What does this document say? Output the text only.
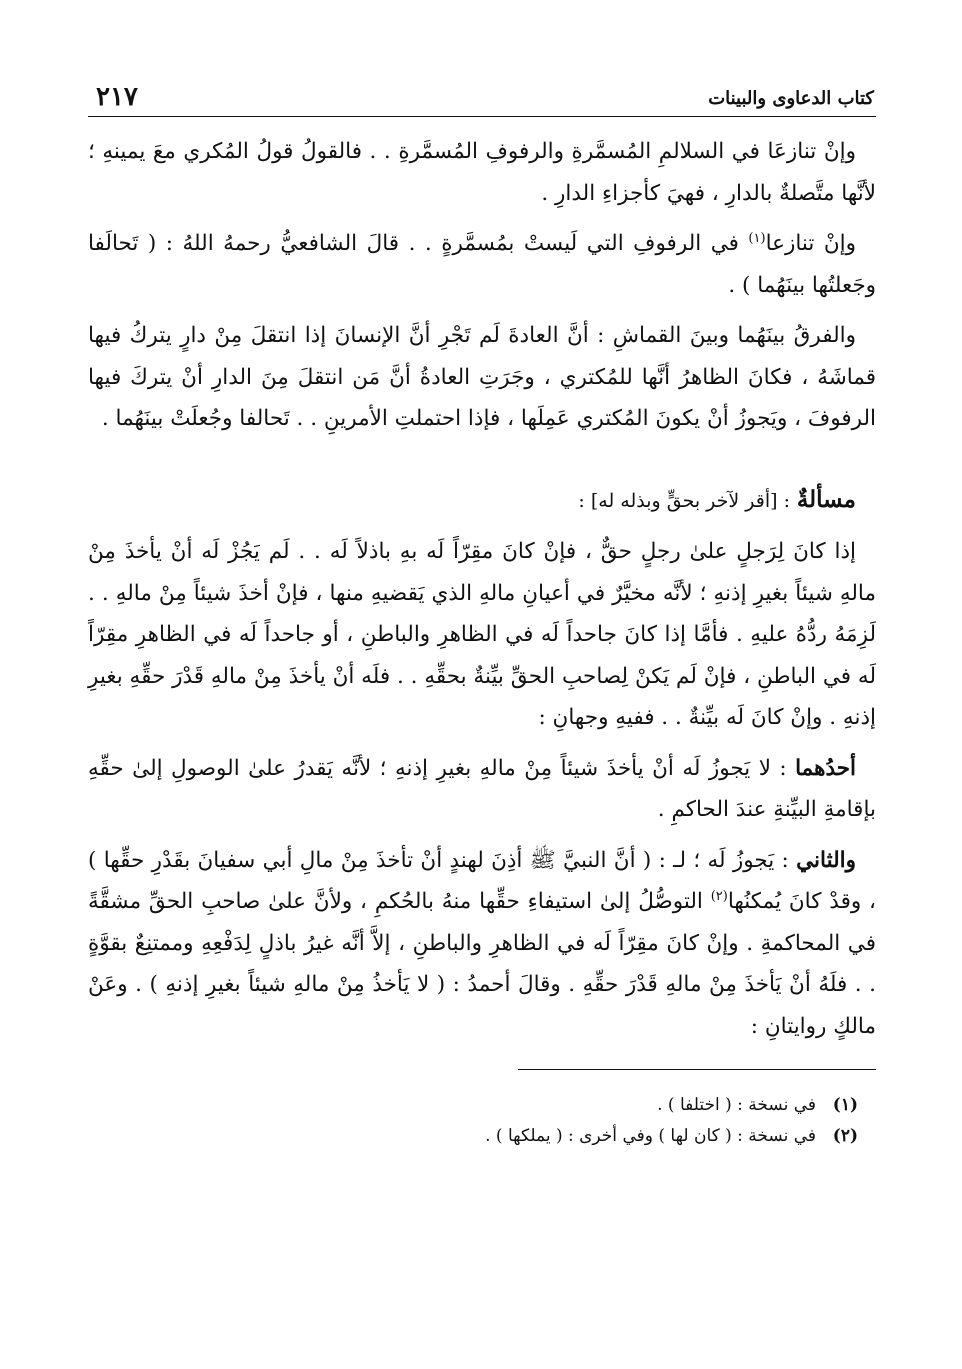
كتاب الدعاوى والبينات
٢١٧

وإنْ تنازعَا في السلالمِ المُسمَّرةِ والرفوفِ المُسمَّرةِ . . فالقولُ قولُ المُكري معَ يمينهِ ؛ لأنَّها متَّصلةٌ بالدارِ ، فهيَ كأجزاءِ الدارِ .

وإنْ تنازعا$^{(١)}$ في الرفوفِ التي لَيستْ بمُسمَّرةٍ . . قالَ الشافعيُّ رحمهُ اللهُ : ( تَحالَفا وجَعلتُها بينَهُما ) .

والفرقُ بينَهُما وبينَ القماشِ : أنَّ العادةَ لَم تَجْرِ أنَّ الإنسانَ إذا انتقلَ مِنْ دارٍ يتركُ فيها قماشَهُ ، فكانَ الظاهرُ أنَّها للمُكتري ، وجَرَتِ العادةُ أنَّ مَن انتقلَ مِنَ الدارِ أنْ يتركَ فيها الرفوفَ ، ويَجوزُ أنْ يكونَ المُكتري عَمِلَها ، فإذا احتملتِ الأمرينِ . . تَحالفا وجُعلَتْ بينَهُما .

مسألةٌ : [أقر لآخر بحقٍّ وبذله له] :

إذا كانَ لِرَجلٍ علىٰ رجلٍ حقٌّ ، فإنْ كانَ مقِرّاً لَه بهِ باذلاً لَه . . لَم يَجُزْ لَه أنْ يأخذَ مِنْ مالهِ شيئاً بغيرِ إذنهِ ؛ لأنَّه مخيَّرٌ في أعيانِ مالهِ الذي يَقضيهِ منها ، فإنْ أخذَ شيئاً مِنْ مالهِ . . لَزِمَهُ ردُّهُ عليهِ . فأمَّا إذا كانَ جاحداً لَه في الظاهرِ والباطنِ ، أو جاحداً لَه في الظاهرِ مقِرّاً لَه في الباطنِ ، فإنْ لَم يَكنْ لِصاحبِ الحقِّ بيِّنةٌ بحقِّهِ . . فلَه أنْ يأخذَ مِنْ مالهِ قَدْرَ حقِّهِ بغيرِ إذنهِ . وإنْ كانَ لَه بيِّنةٌ . . ففيهِ وجهانِ :

أحدُهما : لا يَجوزُ لَه أنْ يأخذَ شيئاً مِنْ مالهِ بغيرِ إذنهِ ؛ لأنَّه يَقدرُ علىٰ الوصولِ إلىٰ حقِّهِ بإقامةِ البيِّنةِ عندَ الحاكمِ .

والثاني : يَجوزُ لَه ؛ لـ : ( أنَّ النبيَّ ﷺ أذِنَ لهندٍ أنْ تأخذَ مِنْ مالِ أبي سفيانَ بقَدْرِ حقِّها ) ، وقدْ كانَ يُمكنُها$^{(٢)}$ التوصُّلُ إلىٰ استيفاءِ حقِّها منهُ بالحُكمِ ، ولأنَّ علىٰ صاحبِ الحقِّ مشقَّةً في المحاكمةِ . وإنْ كانَ مقِرّاً لَه في الظاهرِ والباطنِ ، إلاَّ أنَّه غيرُ باذلٍ لِدَفْعِهِ وممتنِعٌ بقوَّةٍ . . فلَهُ أنْ يَأخذَ مِنْ مالهِ قَدْرَ حقِّهِ . وقالَ أحمدُ : ( لا يَأخذُ مِنْ مالهِ شيئاً بغيرِ إذنهِ ) . وعَنْ مالكٍ روايتانِ :

(١)في نسخة : ( اختلفا ) .
(٢)في نسخة : ( كان لها ) وفي أخرى : ( يملكها ) .
